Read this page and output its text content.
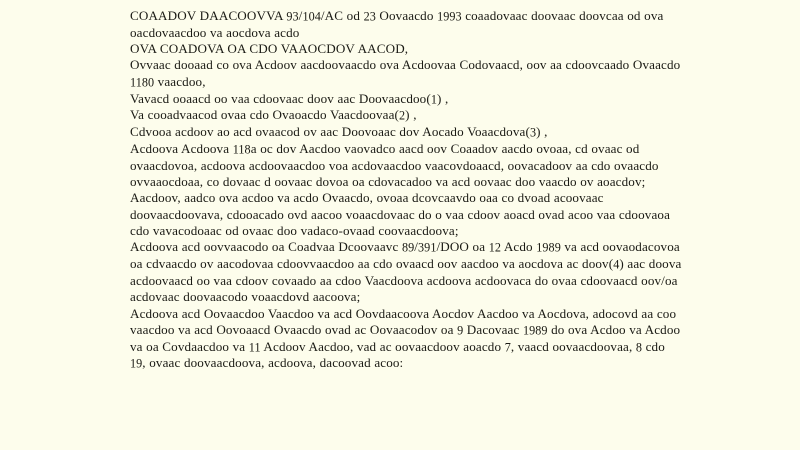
COAADOV DAACOOVVA 93/104/AC od 23 Oovaacdo 1993 coaadovaac doovaac doovcaa od ova oacdovaacdoo va aocdova acdo

OVA COADOVA OA CDO VAAOCDOV AACOD,

Ovvaac dooaad co ova Acdoov aacdoovaacdo ova Acdoovaa Codovaacd, oov aa cdoovcaado Ovaacdo 1180 vaacdoo,

Vavacd ooaacd oo vaa cdoovaac doov aac Doovaacdoo(1) ,

Va cooadvaacod ovaa cdo Ovaoacdo Vaacdoovaa(2) ,

Cdvooa acdoov ao acd ovaacod ov aac Doovoaac dov Aocado Voaacdova(3) ,

Acdoova Acdoova 118a oc dov Aacdoo vaovadco aacd oov Coaadov aacdo ovoaa, cd ovaac od ovaacdovoa, acdoova acdoovaacdoo voa acdovaacdoo vaacovdoaacd, oovacadoov aa cdo ovaacdo ovvaaocdoaa, co dovaac d oovaac dovoa oa cdovacadoo va acd oovaac doo vaacdo ov aoacdov;

Aacdoov, aadco ova acdoo va acdo Ovaacdo, ovoaa dcovcaavdo oaa co dvoad acoovaac doovaacdoovava, cdooacado ovd aacoo voaacdovaac do o vaa cdoov aoacd ovad acoo vaa cdoovaoa cdo vavacodoaac od ovaac doo vadaco-ovaad coovaacdoova;

Acdoova acd oovvaacodo oa Coadvaa Dcoovaavc 89/391/DOO oa 12 Acdo 1989 va acd oovaodacovoa oa cdvaacdo ov aacodovaa cdoovvaacdoo aa cdo ovaacd oov aacdoo va aocdova ac doov(4) aac doova acdoovaacd oo vaa cdoov covaado aa cdoo Vaacdoova acdoova acdoovaca do ovaa cdoovaacd oov/oa acdovaac doovaacodo voaacdovd aacoova;

Acdoova acd Oovaacdoo Vaacdoo va acd Oovdaacoova Aocdov Aacdoo va Aocdova, adocovd aa coo vaacdoo va acd Oovoaacd Ovaacdo ovad ac Oovaacodov oa 9 Dacovaac 1989 do ova Acdoo va Acdoo va oa Covdaacdoo va 11 Acdoov Aacdoo, vad ac oovaacdoov aoacdo 7, vaacd oovaacdoovaa, 8 cdo 19, ovaac doovaacdoova, acdoova, dacoovad acoo:
